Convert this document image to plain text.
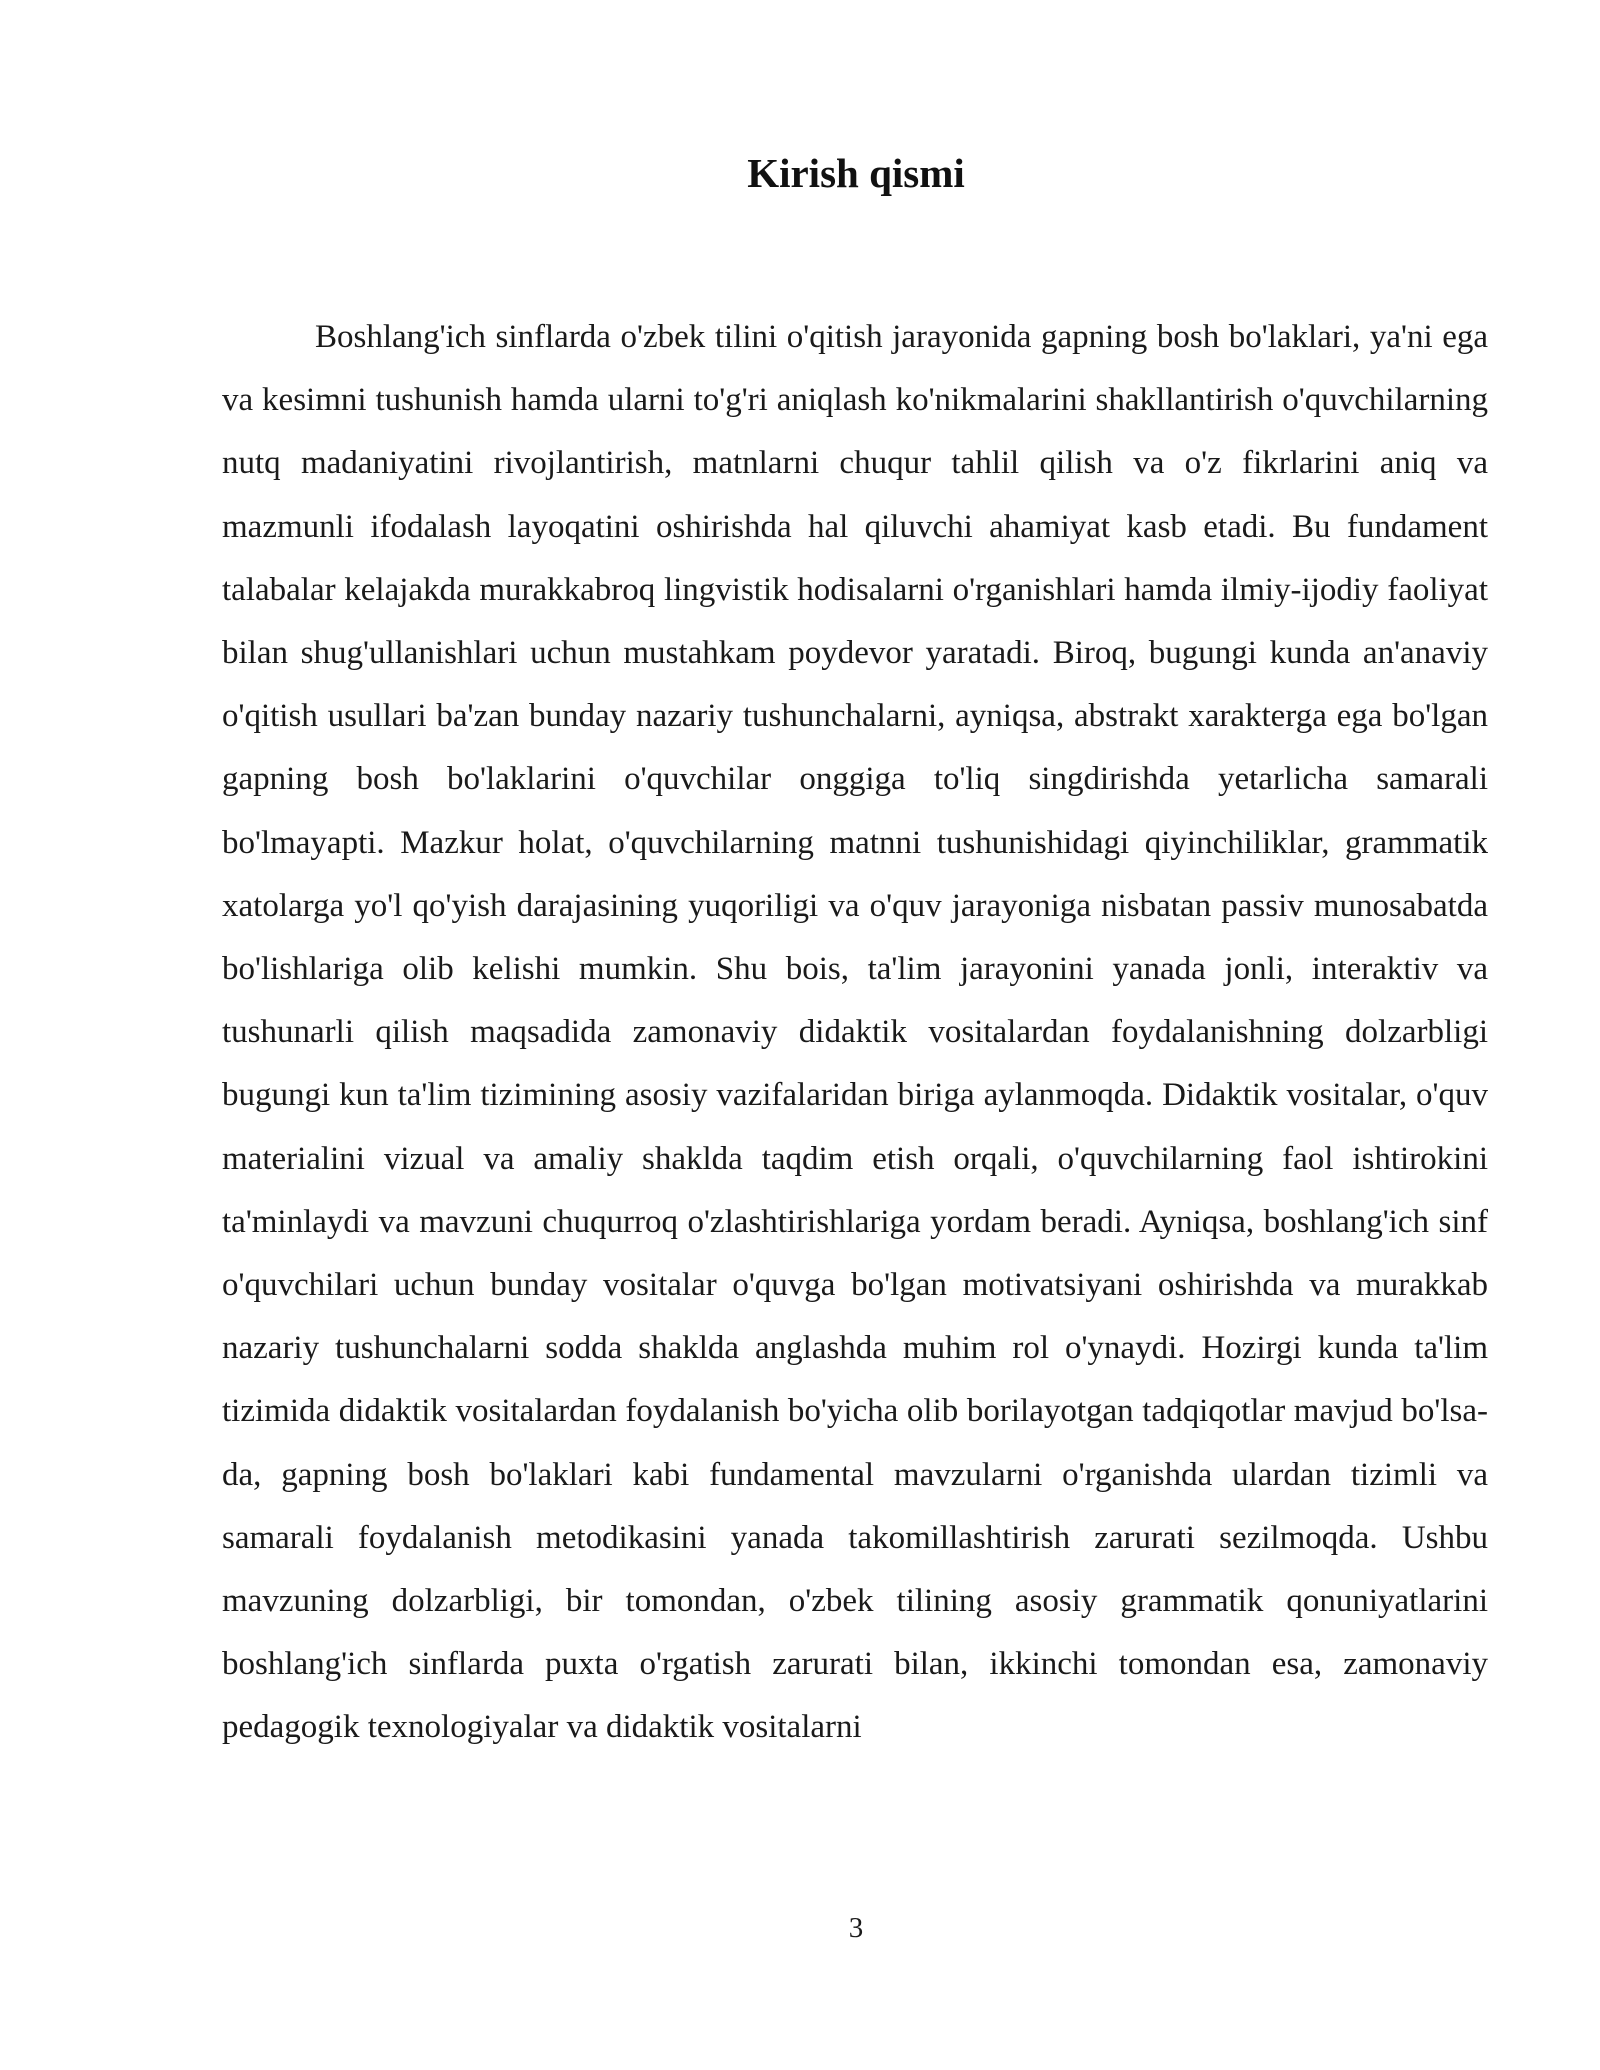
Kirish qismi

Boshlang'ich sinflarda o'zbek tilini o'qitish jarayonida gapning bosh bo'laklari, ya'ni ega va kesimni tushunish hamda ularni to'g'ri aniqlash ko'nikmalarini shakllantirish o'quvchilarning nutq madaniyatini rivojlantirish, matnlarni chuqur tahlil qilish va o'z fikrlarini aniq va mazmunli ifodalash layoqatini oshirishda hal qiluvchi ahamiyat kasb etadi. Bu fundament talabalar kelajakda murakkabroq lingvistik hodisalarni o'rganishlari hamda ilmiy-ijodiy faoliyat bilan shug'ullanishlari uchun mustahkam poydevor yaratadi. Biroq, bugungi kunda an'anaviy o'qitish usullari ba'zan bunday nazariy tushunchalarni, ayniqsa, abstrakt xarakterga ega bo'lgan gapning bosh bo'laklarini o'quvchilar onggiga to'liq singdirishda yetarlicha samarali bo'lmayapti. Mazkur holat, o'quvchilarning matnni tushunishidagi qiyinchiliklar, grammatik xatolarga yo'l qo'yish darajasining yuqoriligi va o'quv jarayoniga nisbatan passiv munosabatda bo'lishlariga olib kelishi mumkin. Shu bois, ta'lim jarayonini yanada jonli, interaktiv va tushunarli qilish maqsadida zamonaviy didaktik vositalardan foydalanishning dolzarbligi bugungi kun ta'lim tizimining asosiy vazifalaridan biriga aylanmoqda. Didaktik vositalar, o'quv materialini vizual va amaliy shaklda taqdim etish orqali, o'quvchilarning faol ishtirokini ta'minlaydi va mavzuni chuqurroq o'zlashtirishlariga yordam beradi. Ayniqsa, boshlang'ich sinf o'quvchilari uchun bunday vositalar o'quvga bo'lgan motivatsiyani oshirishda va murakkab nazariy tushunchalarni sodda shaklda anglashda muhim rol o'ynaydi. Hozirgi kunda ta'lim tizimida didaktik vositalardan foydalanish bo'yicha olib borilayotgan tadqiqotlar mavjud bo'lsa-da, gapning bosh bo'laklari kabi fundamental mavzularni o'rganishda ulardan tizimli va samarali foydalanish metodikasini yanada takomillashtirish zarurati sezilmoqda. Ushbu mavzuning dolzarbligi, bir tomondan, o'zbek tilining asosiy grammatik qonuniyatlarini boshlang'ich sinflarda puxta o'rgatish zarurati bilan, ikkinchi tomondan esa, zamonaviy pedagogik texnologiyalar va didaktik vositalarni

3
